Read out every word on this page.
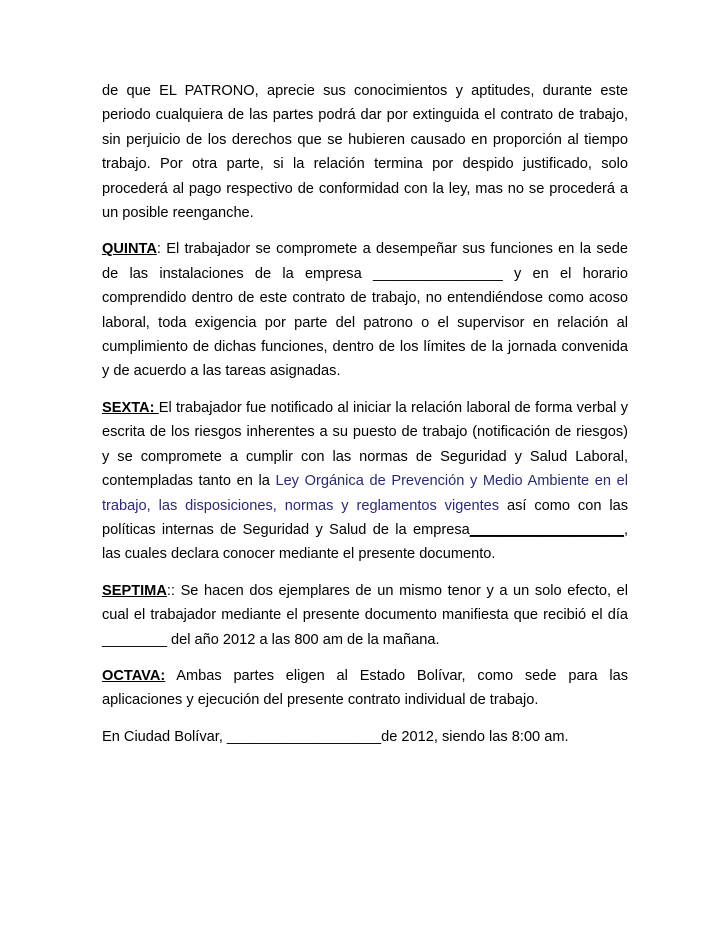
de que EL PATRONO, aprecie sus conocimientos y aptitudes, durante este periodo cualquiera de las partes podrá dar por extinguida el contrato de trabajo, sin perjuicio de los derechos que se hubieren causado en proporción al tiempo trabajo. Por otra parte, si la relación termina por despido justificado, solo procederá al pago respectivo de conformidad con la ley, mas no se procederá a un posible reenganche.

QUINTA: El trabajador se compromete a desempeñar sus funciones en la sede de las instalaciones de la empresa ________________ y en el horario comprendido dentro de este contrato de trabajo, no entendiéndose como acoso laboral, toda exigencia por parte del patrono o el supervisor en relación al cumplimiento de dichas funciones, dentro de los límites de la jornada convenida y de acuerdo a las tareas asignadas.

SEXTA: El trabajador fue notificado al iniciar la relación laboral de forma verbal y escrita de los riesgos inherentes a su puesto de trabajo (notificación de riesgos) y se compromete a cumplir con las normas de Seguridad y Salud Laboral, contempladas tanto en la Ley Orgánica de Prevención y Medio Ambiente en el trabajo, las disposiciones, normas y reglamentos vigentes así como con las políticas internas de Seguridad y Salud de la empresa___________________, las cuales declara conocer mediante el presente documento.

SEPTIMA:: Se hacen dos ejemplares de un mismo tenor y a un solo efecto, el cual el trabajador mediante el presente documento manifiesta que recibió el día ________ del año 2012 a las 800 am de la mañana.

OCTAVA: Ambas partes eligen al Estado Bolívar, como sede para las aplicaciones y ejecución del presente contrato individual de trabajo.

En Ciudad Bolívar, ___________________de 2012, siendo las 8:00 am.
